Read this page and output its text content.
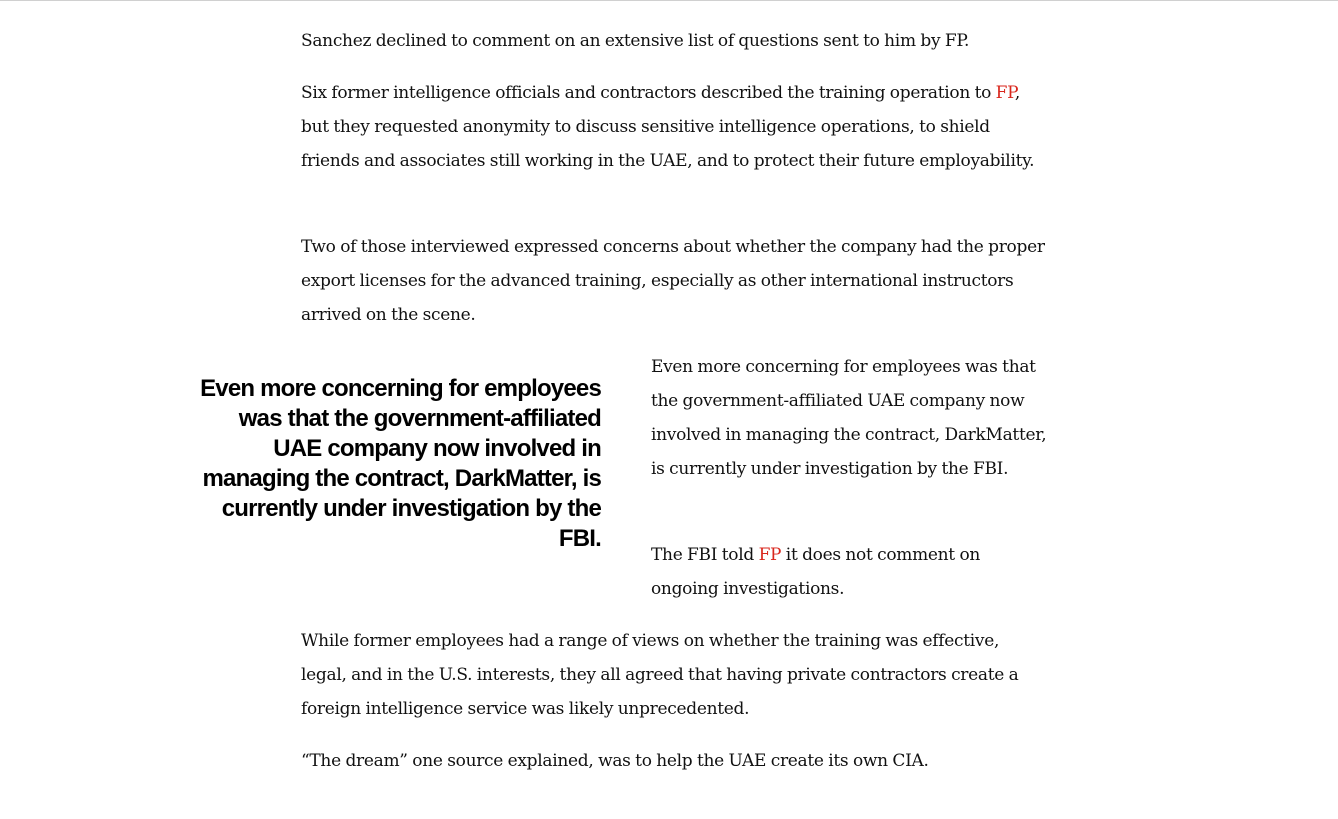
Sanchez declined to comment on an extensive list of questions sent to him by FP.

Six former intelligence officials and contractors described the training operation to FP, but they requested anonymity to discuss sensitive intelligence operations, to shield friends and associates still working in the UAE, and to protect their future employability.

Two of those interviewed expressed concerns about whether the company had the proper export licenses for the advanced training, especially as other international instructors arrived on the scene.

Even more concerning for employees was that the government-affiliated UAE company now involved in managing the contract, DarkMatter, is currently under investigation by the FBI.

Even more concerning for employees was that the government-affiliated UAE company now involved in managing the contract, DarkMatter, is currently under investigation by the FBI.

The FBI told FP it does not comment on ongoing investigations.

While former employees had a range of views on whether the training was effective, legal, and in the U.S. interests, they all agreed that having private contractors create a foreign intelligence service was likely unprecedented.

“The dream” one source explained, was to help the UAE create its own CIA.
